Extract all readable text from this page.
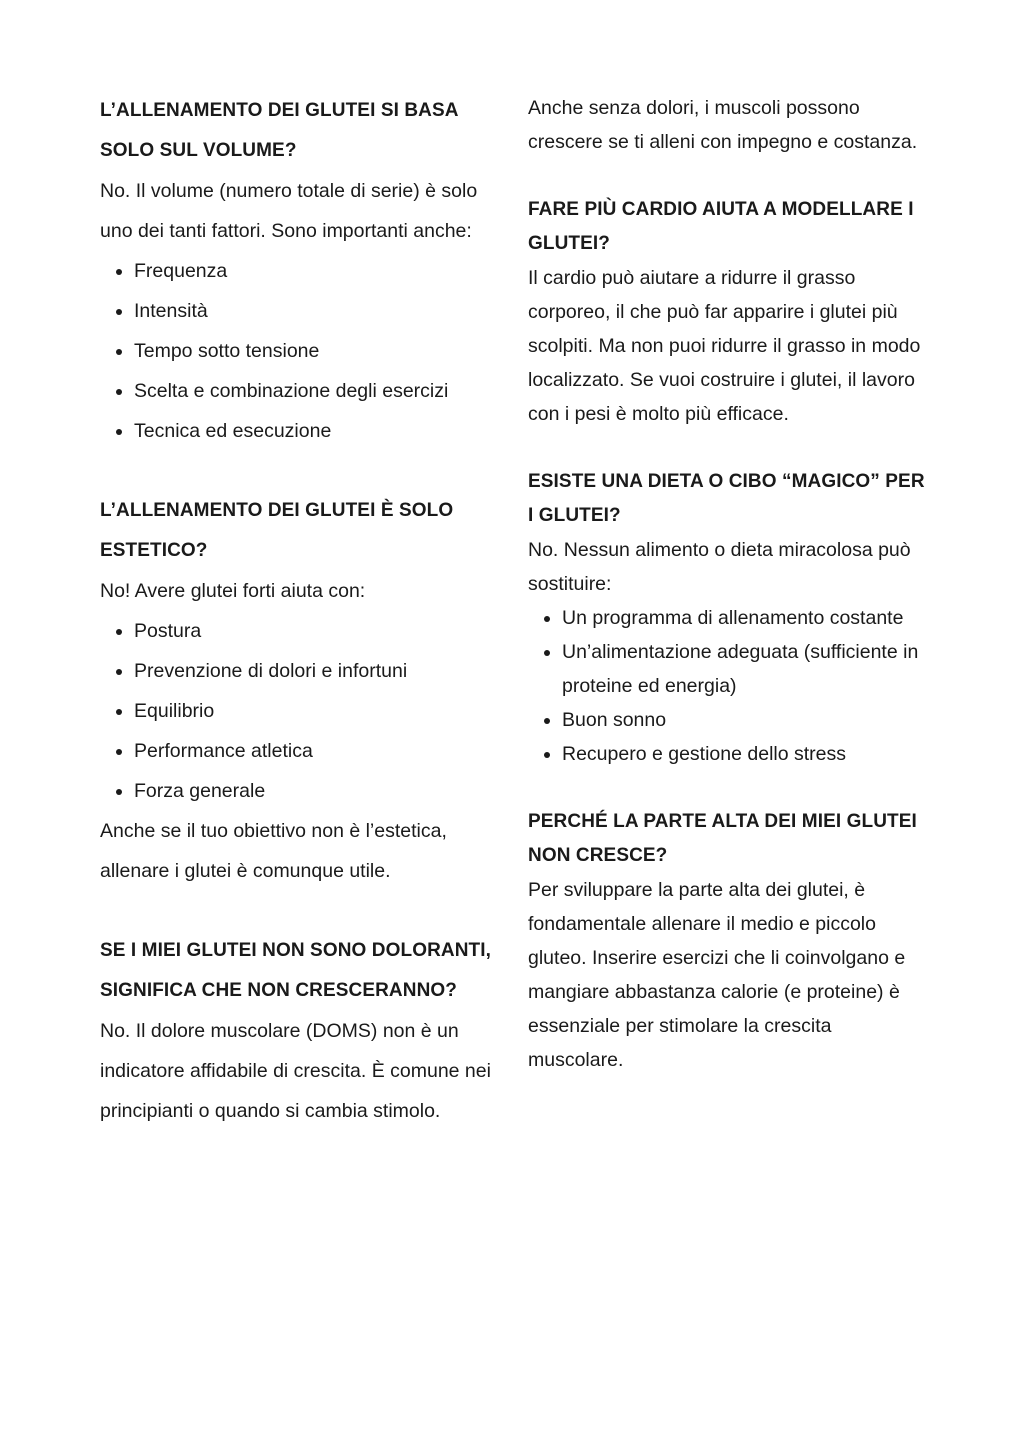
L’ALLENAMENTO DEI GLUTEI SI BASA SOLO SUL VOLUME?

No. Il volume (numero totale di serie) è solo uno dei tanti fattori. Sono importanti anche:

• Frequenza
• Intensità
• Tempo sotto tensione
• Scelta e combinazione degli esercizi
• Tecnica ed esecuzione
L’ALLENAMENTO DEI GLUTEI È SOLO ESTETICO?

No! Avere glutei forti aiuta con:

• Postura
• Prevenzione di dolori e infortuni
• Equilibrio
• Performance atletica
• Forza generale

Anche se il tuo obiettivo non è l’estetica, allenare i glutei è comunque utile.

SE I MIEI GLUTEI NON SONO DOLORANTI, SIGNIFICA CHE NON CRESCERANNO?

No. Il dolore muscolare (DOMS) non è un indicatore affidabile di crescita. È comune nei principianti o quando si cambia stimolo.

Anche senza dolori, i muscoli possono crescere se ti alleni con impegno e costanza.

FARE PIÙ CARDIO AIUTA A MODELLARE I GLUTEI?

Il cardio può aiutare a ridurre il grasso corporeo, il che può far apparire i glutei più scolpiti. Ma non puoi ridurre il grasso in modo localizzato. Se vuoi costruire i glutei, il lavoro con i pesi è molto più efficace.

ESISTE UNA DIETA O CIBO “MAGICO” PER I GLUTEI?

No. Nessun alimento o dieta miracolosa può sostituire:

• Un programma di allenamento costante
• Un’alimentazione adeguata (sufficiente in proteine ed energia)
• Buon sonno
• Recupero e gestione dello stress
PERCHÉ LA PARTE ALTA DEI MIEI GLUTEI NON CRESCE?

Per sviluppare la parte alta dei glutei, è fondamentale allenare il medio e piccolo gluteo. Inserire esercizi che li coinvolgano e mangiare abbastanza calorie (e proteine) è essenziale per stimolare la crescita muscolare.
